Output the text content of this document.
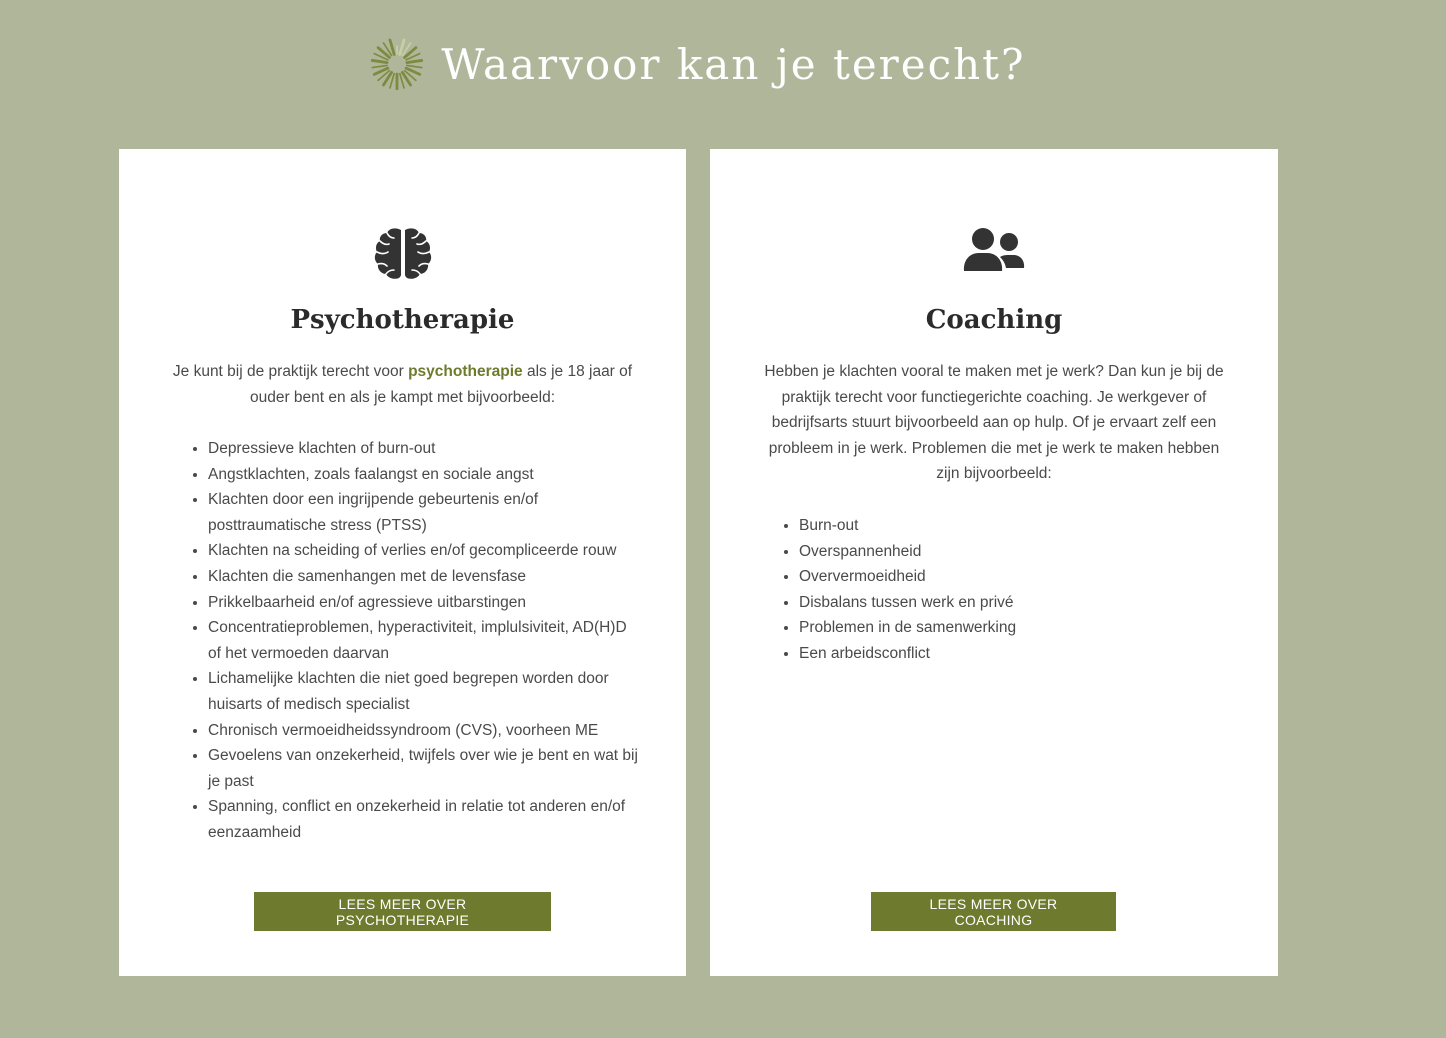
Waarvoor kan je terecht?
Psychotherapie

Je kunt bij de praktijk terecht voor psychotherapie als je 18 jaar of ouder bent en als je kampt met bijvoorbeeld:

• Depressieve klachten of burn-out
• Angstklachten, zoals faalangst en sociale angst
• Klachten door een ingrijpende gebeurtenis en/of posttraumatische stress (PTSS)
• Klachten na scheiding of verlies en/of gecompliceerde rouw
• Klachten die samenhangen met de levensfase
• Prikkelbaarheid en/of agressieve uitbarstingen
• Concentratieproblemen, hyperactiviteit, implulsiviteit, AD(H)D of het vermoeden daarvan
• Lichamelijke klachten die niet goed begrepen worden door huisarts of medisch specialist
• Chronisch vermoeidheidssyndroom (CVS), voorheen ME
• Gevoelens van onzekerheid, twijfels over wie je bent en wat bij je past
• Spanning, conflict en onzekerheid in relatie tot anderen en/of eenzaamheid
LEES MEER OVER PSYCHOTHERAPIE
Coaching

Hebben je klachten vooral te maken met je werk? Dan kun je bij de praktijk terecht voor functiegerichte coaching. Je werkgever of bedrijfsarts stuurt bijvoorbeeld aan op hulp. Of je ervaart zelf een probleem in je werk. Problemen die met je werk te maken hebben zijn bijvoorbeeld:

• Burn-out
• Overspannenheid
• Oververmoeidheid
• Disbalans tussen werk en privé
• Problemen in de samenwerking
• Een arbeidsconflict
LEES MEER OVER COACHING
